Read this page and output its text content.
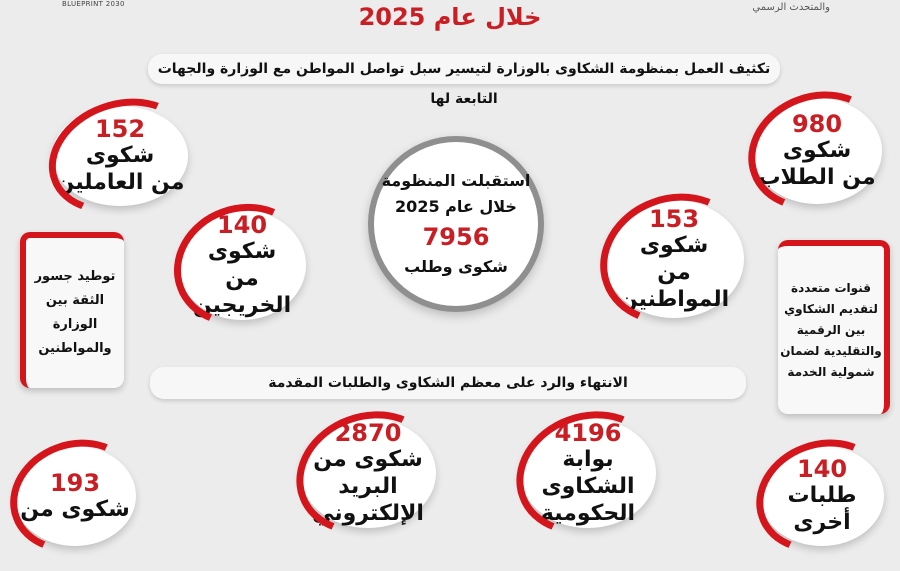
BLUEPRINT 2030	والمتحدث الرسمي
خلال عام 2025
تكثيف العمل بمنظومة الشكاوى بالوزارة لتيسير سبل تواصل المواطن مع الوزارة والجهات التابعة لها
152
شكوى
من العاملين
980
شكوى
من الطلاب
استقبلت المنظومة
خلال عام 2025
7956
شكوى وطلب
توطيد جسور الثقة بين الوزارة والمواطنين
140
شكوى
من الخريجين
153
شكوى
من المواطنين	قنوات متعددة لتقديم الشكاوي بين الرقمية والتقليدية لضمان شمولية الخدمة
الانتهاء والرد على معظم الشكاوى والطلبات المقدمة
193
شكوى من
2870
شكوى من
البريد الإلكتروني
4196
بوابة الشكاوى
الحكومية
140
طلبات أخرى
